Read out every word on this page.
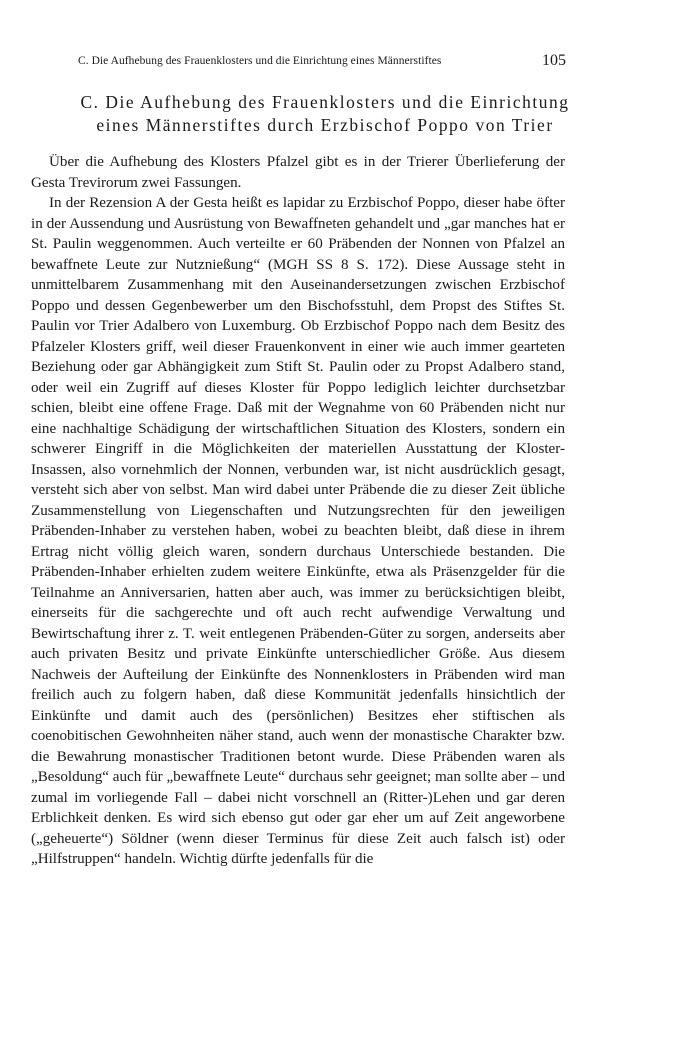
C. Die Aufhebung des Frauenklosters und die Einrichtung eines Männerstiftes	105
C. Die Aufhebung des Frauenklosters und die Einrichtung
eines Männerstiftes durch Erzbischof Poppo von Trier

Über die Aufhebung des Klosters Pfalzel gibt es in der Trierer Überlieferung der Gesta Trevirorum zwei Fassungen.

In der Rezension A der Gesta heißt es lapidar zu Erzbischof Poppo, dieser habe öfter in der Aussendung und Ausrüstung von Bewaffneten gehandelt und „gar manches hat er St. Paulin weggenommen. Auch verteilte er 60 Präbenden der Nonnen von Pfalzel an bewaffnete Leute zur Nutznießung“ (MGH SS 8 S. 172). Diese Aussage steht in unmittelbarem Zusammenhang mit den Auseinandersetzungen zwischen Erzbischof Poppo und dessen Gegenbewerber um den Bischofsstuhl, dem Propst des Stiftes St. Paulin vor Trier Adalbero von Luxemburg. Ob Erzbischof Poppo nach dem Besitz des Pfalzeler Klosters griff, weil dieser Frauenkonvent in einer wie auch immer gearteten Beziehung oder gar Abhängigkeit zum Stift St. Paulin oder zu Propst Adalbero stand, oder weil ein Zugriff auf dieses Kloster für Poppo lediglich leichter durchsetzbar schien, bleibt eine offene Frage. Daß mit der Wegnahme von 60 Präbenden nicht nur eine nachhaltige Schädigung der wirtschaftlichen Situation des Klosters, sondern ein schwerer Eingriff in die Möglichkeiten der materiellen Ausstattung der Kloster-Insassen, also vornehmlich der Nonnen, verbunden war, ist nicht ausdrücklich gesagt, versteht sich aber von selbst. Man wird dabei unter Präbende die zu dieser Zeit übliche Zusammenstellung von Liegenschaften und Nutzungsrechten für den jeweiligen Präbenden-Inhaber zu verstehen haben, wobei zu beachten bleibt, daß diese in ihrem Ertrag nicht völlig gleich waren, sondern durchaus Unterschiede bestanden. Die Präbenden-Inhaber erhielten zudem weitere Einkünfte, etwa als Präsenzgelder für die Teilnahme an Anniversarien, hatten aber auch, was immer zu berücksichtigen bleibt, einerseits für die sachgerechte und oft auch recht aufwendige Verwaltung und Bewirtschaftung ihrer z. T. weit entlegenen Präbenden-Güter zu sorgen, anderseits aber auch privaten Besitz und private Einkünfte unterschiedlicher Größe. Aus diesem Nachweis der Aufteilung der Einkünfte des Nonnenklosters in Präbenden wird man freilich auch zu folgern haben, daß diese Kommunität jedenfalls hinsichtlich der Einkünfte und damit auch des (persönlichen) Besitzes eher stiftischen als coenobitischen Gewohnheiten näher stand, auch wenn der monastische Charakter bzw. die Bewahrung monastischer Traditionen betont wurde. Diese Präbenden waren als „Besoldung“ auch für „bewaffnete Leute“ durchaus sehr geeignet; man sollte aber – und zumal im vorliegende Fall – dabei nicht vorschnell an (Ritter-)Lehen und gar deren Erblichkeit denken. Es wird sich ebenso gut oder gar eher um auf Zeit angeworbene („geheuerte“) Söldner (wenn dieser Terminus für diese Zeit auch falsch ist) oder „Hilfstruppen“ handeln. Wichtig dürfte jedenfalls für die
